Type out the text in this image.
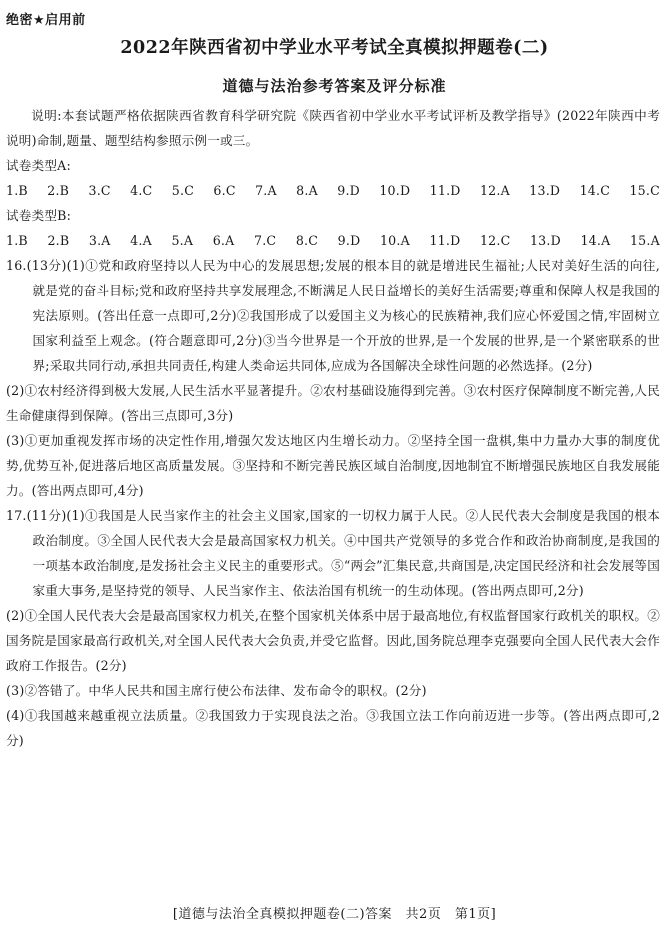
绝密★启用前
2022年陕西省初中学业水平考试全真模拟押题卷(二)
道德与法治参考答案及评分标准

说明:本套试题严格依据陕西省教育科学研究院《陕西省初中学业水平考试评析及教学指导》(2022年陕西中考说明)命制,题量、题型结构参照示例一或三。

试卷类型A:

1.B 2.B 3.C 4.C 5.C 6.C 7.A 8.A 9.D 10.D 11.D 12.A 13.D 14.C 15.C

试卷类型B:

1.B 2.B 3.A 4.A 5.A 6.A 7.C 8.C 9.D 10.A 11.D 12.C 13.D 14.A 15.A

16.(13分)(1)①党和政府坚持以人民为中心的发展思想;发展的根本目的就是增进民生福祉;人民对美好生活的向往,就是党的奋斗目标;党和政府坚持共享发展理念,不断满足人民日益增长的美好生活需要;尊重和保障人权是我国的宪法原则。(答出任意一点即可,2分)②我国形成了以爱国主义为核心的民族精神,我们应心怀爱国之情,牢固树立国家利益至上观念。(符合题意即可,2分)③当今世界是一个开放的世界,是一个发展的世界,是一个紧密联系的世界;采取共同行动,承担共同责任,构建人类命运共同体,应成为各国解决全球性问题的必然选择。(2分)

(2)①农村经济得到极大发展,人民生活水平显著提升。②农村基础设施得到完善。③农村医疗保障制度不断完善,人民生命健康得到保障。(答出三点即可,3分)

(3)①更加重视发挥市场的决定性作用,增强欠发达地区内生增长动力。②坚持全国一盘棋,集中力量办大事的制度优势,优势互补,促进落后地区高质量发展。③坚持和不断完善民族区域自治制度,因地制宜不断增强民族地区自我发展能力。(答出两点即可,4分)

17.(11分)(1)①我国是人民当家作主的社会主义国家,国家的一切权力属于人民。②人民代表大会制度是我国的根本政治制度。③全国人民代表大会是最高国家权力机关。④中国共产党领导的多党合作和政治协商制度,是我国的一项基本政治制度,是发扬社会主义民主的重要形式。⑤“两会”汇集民意,共商国是,决定国民经济和社会发展等国家重大事务,是坚持党的领导、人民当家作主、依法治国有机统一的生动体现。(答出两点即可,2分)

(2)①全国人民代表大会是最高国家权力机关,在整个国家机关体系中居于最高地位,有权监督国家行政机关的职权。②国务院是国家最高行政机关,对全国人民代表大会负责,并受它监督。因此,国务院总理李克强要向全国人民代表大会作政府工作报告。(2分)

(3)②答错了。中华人民共和国主席行使公布法律、发布命令的职权。(2分)

(4)①我国越来越重视立法质量。②我国致力于实现良法之治。③我国立法工作向前迈进一步等。(答出两点即可,2分)

[道德与法治全真模拟押题卷(二)答案　共2页　第1页]
